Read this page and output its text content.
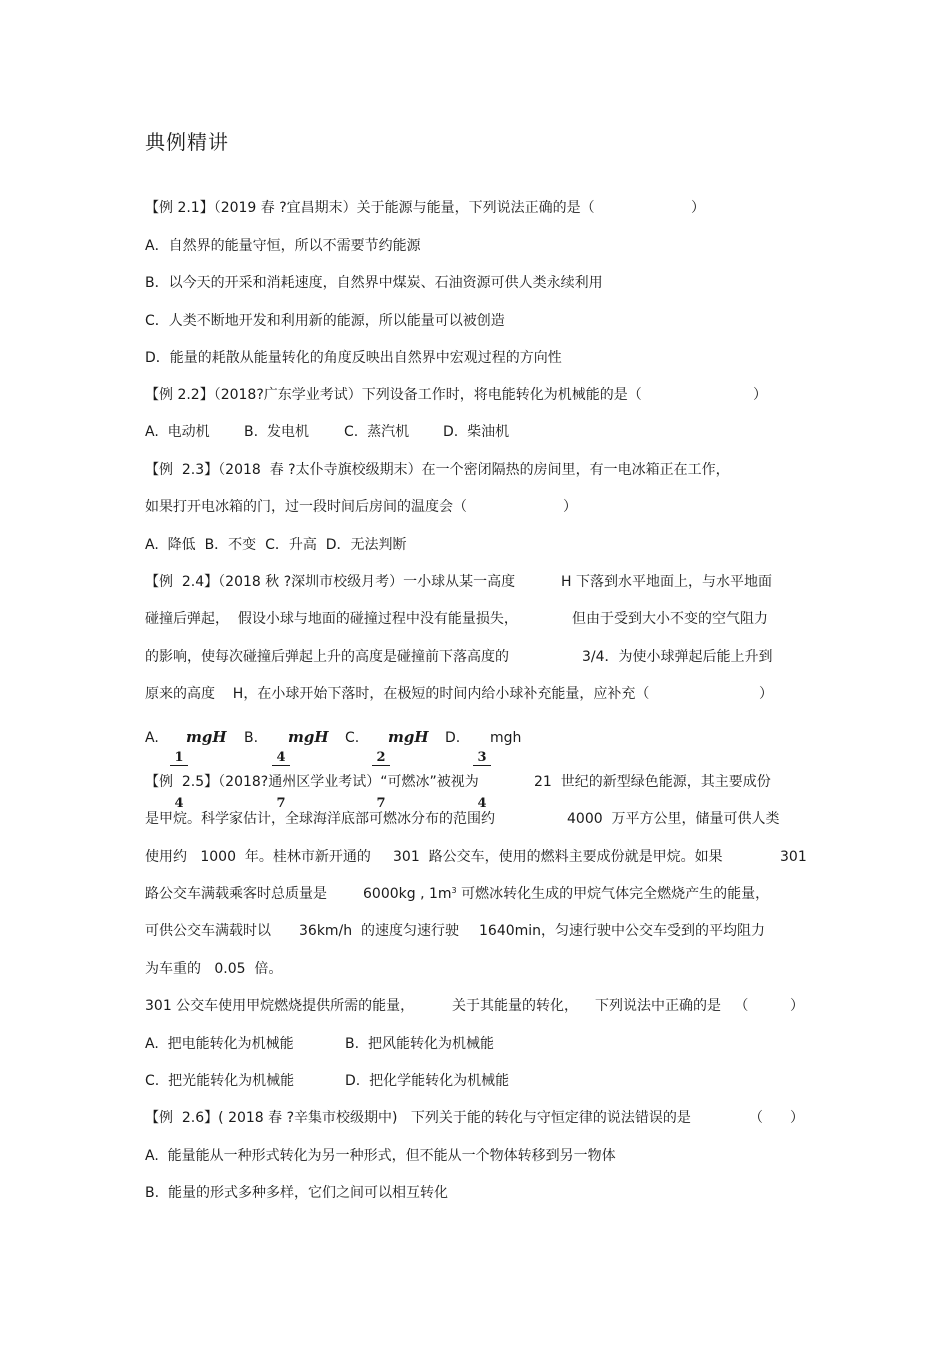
典例精讲

【例 2.1】（2019 春 ?宜昌期末）关于能源与能量，下列说法正确的是（

	）

A．自然界的能量守恒，所以不需要节约能源
B．以今天的开采和消耗速度，自然界中煤炭、石油资源可供人类永续利用
C．人类不断地开发和利用新的能源，所以能量可以被创造
D．能量的耗散从能量转化的角度反映出自然界中宏观过程的方向性

【例 2.2】（2018?广东学业考试）下列设备工作时，将电能转化为机械能的是（

	）

A.  电动机

B.  发电机

	C.  蒸汽机

D.  柴油机

【例  2.3】（2018  春 ?太仆寺旗校级期末）在一个密闭隔热的房间里，有一电冰箱正在工作，

如果打开电冰箱的门，过一段时间后房间的温度会（

	）

A.  降低  B．不变  C．升高  D．无法判断

【例  2.4】（2018 秋 ?深圳市校级月考）一小球从某一高度

	H 下落到水平地面上，与水平地面

碰撞后弹起，  假设小球与地面的碰撞过程中没有能量损失，

	但由于受到大小不变的空气阻力

的影响，使每次碰撞后弹起上升的高度是碰撞前下落高度的

	3/4．为使小球弹起后能上升到

原来的高度    H，在小球开始下落时，在极短的时间内给小球补充能量，应补充（

	）

A.

$\frac{1}{4}$

mgH

B.

$\frac{4}{7}$

mgH

C.

$\frac{2}{7}$

mgH

D.

$\frac{3}{4}$

mgh

【例  2.5】（2018?通州区学业考试）“可燃冰”被视为

	21  世纪的新型绿色能源，其主要成份

是甲烷。科学家估计，全球海洋底部可燃冰分布的范围约

	4000  万平方公里，储量可供人类

使用约   1000  年。桂林市新开通的

301  路公交车，使用的燃料主要成份就是甲烷。如果

	301

路公交车满载乘客时总质量是

	6000kg , $1m^3$ 可燃冰转化生成的甲烷气体完全燃烧产生的能量，

可供公交车满载时以

36km/h  的速度匀速行驶

1640min，匀速行驶中公交车受到的平均阻力

为车重的   0.05  倍。

301 公交车使用甲烷燃烧提供所需的能量，

	关于其能量的转化，

下列说法中正确的是   （

	）

A.  把电能转化为机械能

	B.  把风能转化为机械能

C.  把光能转化为机械能

	D.  把化学能转化为机械能

【例  2.6】( 2018 春 ?辛集市校级期中)   下列关于能的转化与守恒定律的说法错误的是

	（

）

A.  能量能从一种形式转化为另一种形式，但不能从一个物体转移到另一物体
B.  能量的形式多种多样，它们之间可以相互转化
